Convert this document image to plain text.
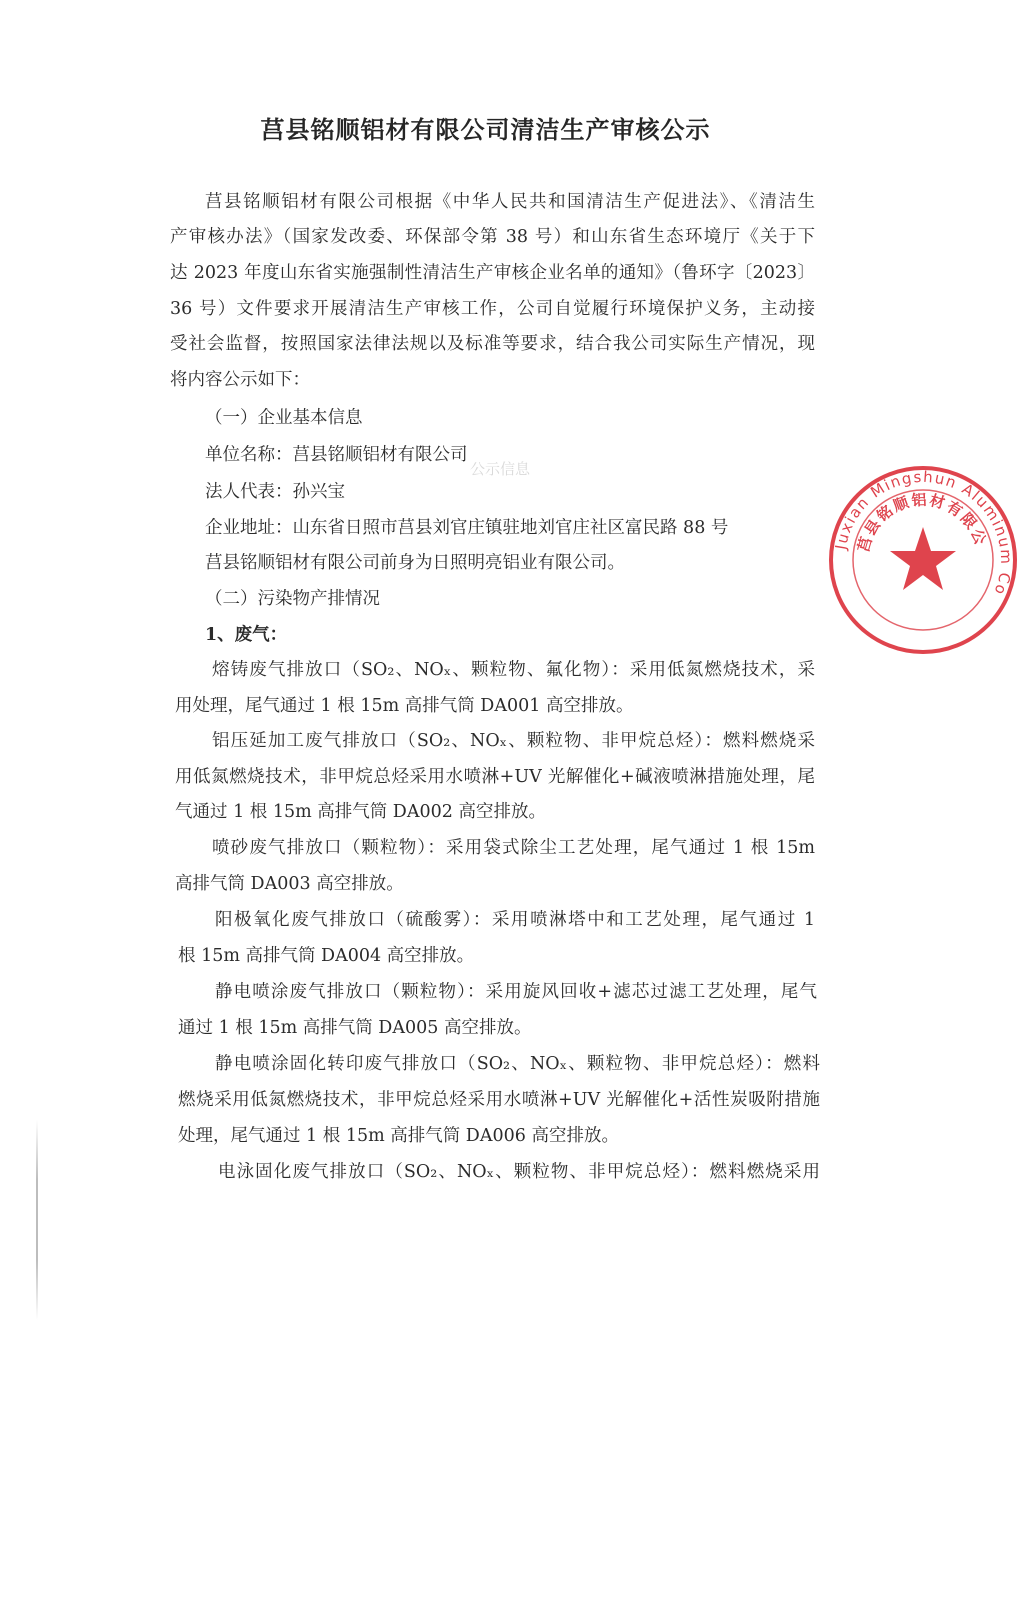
莒县铭顺铝材有限公司清洁生产审核公示
莒县铭顺铝材有限公司根据《中华人民共和国清洁生产促进法》、《清洁生
产审核办法》（国家发改委、环保部令第 38 号）和山东省生态环境厅《关于下
达 2023 年度山东省实施强制性清洁生产审核企业名单的通知》（鲁环字〔2023〕
36 号）文件要求开展清洁生产审核工作，公司自觉履行环境保护义务，主动接
受社会监督，按照国家法律法规以及标准等要求，结合我公司实际生产情况，现
将内容公示如下：
（一）企业基本信息
单位名称：莒县铭顺铝材有限公司
法人代表：孙兴宝
企业地址：山东省日照市莒县刘官庄镇驻地刘官庄社区富民路 88 号
莒县铭顺铝材有限公司前身为日照明亮铝业有限公司。
（二）污染物产排情况
1、废气：
熔铸废气排放口（SO₂、NOₓ、颗粒物、氟化物）：采用低氮燃烧技术，采
用处理，尾气通过 1 根 15m 高排气筒 DA001 高空排放。
铝压延加工废气排放口（SO₂、NOₓ、颗粒物、非甲烷总烃）：燃料燃烧采
用低氮燃烧技术，非甲烷总烃采用水喷淋+UV 光解催化+碱液喷淋措施处理，尾
气通过 1 根 15m 高排气筒 DA002 高空排放。
喷砂废气排放口（颗粒物）：采用袋式除尘工艺处理，尾气通过 1 根 15m
高排气筒 DA003 高空排放。
阳极氧化废气排放口（硫酸雾）：采用喷淋塔中和工艺处理，尾气通过 1
根 15m 高排气筒 DA004 高空排放。
静电喷涂废气排放口（颗粒物）：采用旋风回收+滤芯过滤工艺处理，尾气
通过 1 根 15m 高排气筒 DA005 高空排放。
静电喷涂固化转印废气排放口（SO₂、NOₓ、颗粒物、非甲烷总烃）：燃料
燃烧采用低氮燃烧技术，非甲烷总烃采用水喷淋+UV 光解催化+活性炭吸附措施
处理，尾气通过 1 根 15m 高排气筒 DA006 高空排放。
电泳固化废气排放口（SO₂、NOₓ、颗粒物、非甲烷总烃）：燃料燃烧采用
公示信息
Juxian Mingshun Aluminum Co
莒县铭顺铝材有限公
